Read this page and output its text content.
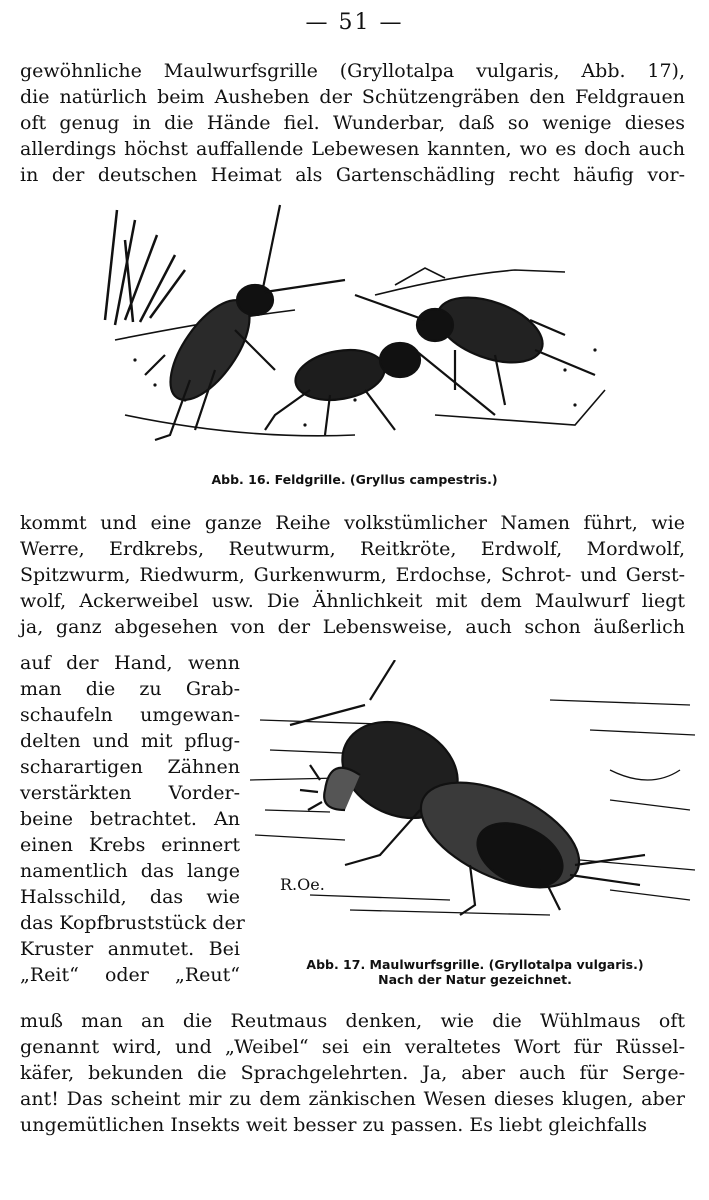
— 51 —

gewöhnliche Maulwurfsgrille (Gryllotalpa vulgaris, Abb. 17),
die natürlich beim Ausheben der Schützengräben den Feldgrauen
oft genug in die Hände fiel. Wunderbar, daß so wenige dieses
allerdings höchst auffallende Lebewesen kannten, wo es doch auch
in der deutschen Heimat als Gartenschädling recht häufig vor-

Abb. 16. Feldgrille. (Gryllus campestris.)

kommt und eine ganze Reihe volkstümlicher Namen führt, wie
Werre, Erdkrebs, Reutwurm, Reitkröte, Erdwolf, Mordwolf,
Spitzwurm, Riedwurm, Gurkenwurm, Erdochse, Schrot- und Gerst-
wolf, Ackerweibel usw. Die Ähnlichkeit mit dem Maulwurf liegt
ja, ganz abgesehen von der Lebensweise, auch schon äußerlich

auf der Hand, wenn
man die zu Grab-
schaufeln umgewan-
delten und mit pflug-
scharartigen Zähnen
verstärkten Vorder-
beine betrachtet. An
einen Krebs erinnert
namentlich das lange
Halsschild, das wie
das Kopfbruststück der
Kruster anmutet. Bei
„Reit“ oder „Reut“

R.Oe.
Abb. 17. Maulwurfsgrille. (Gryllotalpa vulgaris.)
Nach der Natur gezeichnet.

muß man an die Reutmaus denken, wie die Wühlmaus oft
genannt wird, und „Weibel“ sei ein veraltetes Wort für Rüssel-
käfer, bekunden die Sprachgelehrten. Ja, aber auch für Serge-
ant! Das scheint mir zu dem zänkischen Wesen dieses klugen, aber
ungemütlichen Insekts weit besser zu passen. Es liebt gleichfalls
